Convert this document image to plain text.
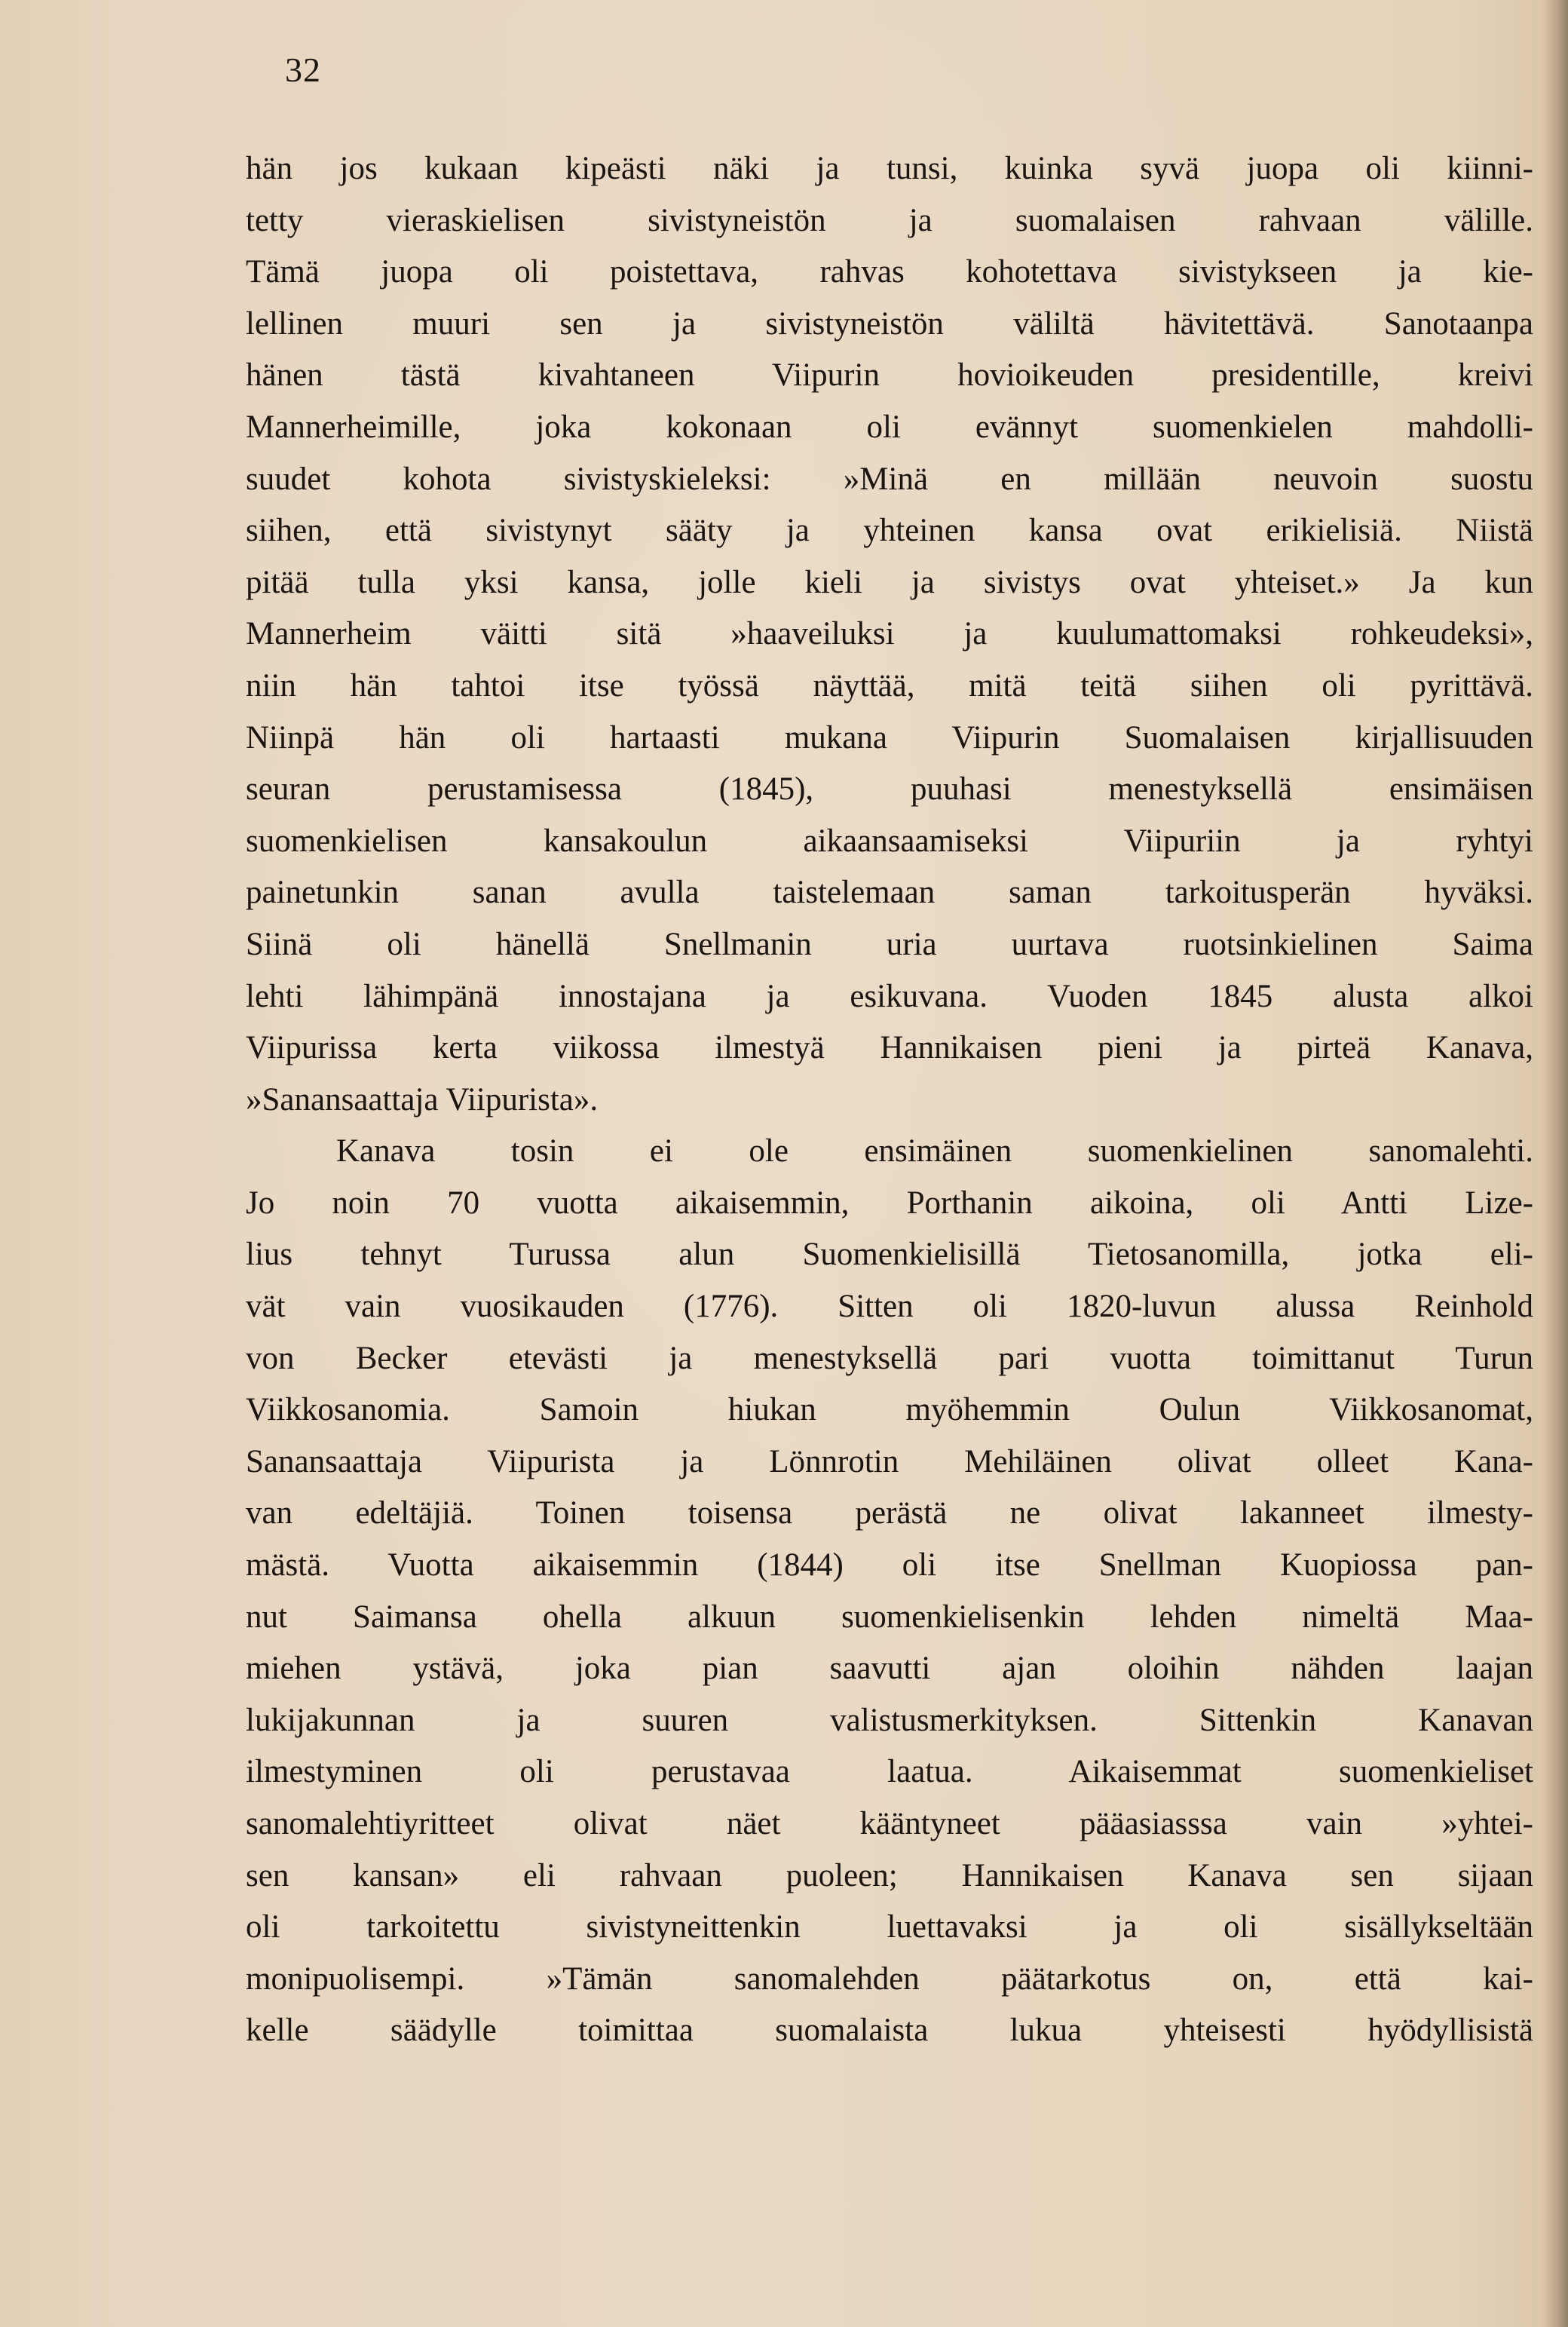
32
hän jos kukaan kipeästi näki ja tunsi, kuinka syvä juopa oli kiinni-
tetty vieraskielisen sivistyneistön ja suomalaisen rahvaan välille.
Tämä juopa oli poistettava, rahvas kohotettava sivistykseen ja kie-
lellinen muuri sen ja sivistyneistön väliltä hävitettävä. Sanotaanpa
hänen tästä kivahtaneen Viipurin hovioikeuden presidentille, kreivi
Mannerheimille, joka kokonaan oli evännyt suomenkielen mahdolli-
suudet kohota sivistyskieleksi: »Minä en millään neuvoin suostu
siihen, että sivistynyt sääty ja yhteinen kansa ovat erikielisiä. Niistä
pitää tulla yksi kansa, jolle kieli ja sivistys ovat yhteiset.» Ja kun
Mannerheim väitti sitä »haaveiluksi ja kuulumattomaksi rohkeudeksi»,
niin hän tahtoi itse työssä näyttää, mitä teitä siihen oli pyrittävä.
Niinpä hän oli hartaasti mukana Viipurin Suomalaisen kirjallisuuden
seuran perustamisessa (1845), puuhasi menestyksellä ensimäisen
suomenkielisen kansakoulun aikaansaamiseksi Viipuriin ja ryhtyi
painetunkin sanan avulla taistelemaan saman tarkoitusperän hyväksi.
Siinä oli hänellä Snellmanin uria uurtava ruotsinkielinen Saima
lehti lähimpänä innostajana ja esikuvana. Vuoden 1845 alusta alkoi
Viipurissa kerta viikossa ilmestyä Hannikaisen pieni ja pirteä Kanava,
»Sanansaattaja Viipurista».
Kanava tosin ei ole ensimäinen suomenkielinen sanomalehti.
Jo noin 70 vuotta aikaisemmin, Porthanin aikoina, oli Antti Lize-
lius tehnyt Turussa alun Suomenkielisillä Tietosanomilla, jotka eli-
vät vain vuosikauden (1776). Sitten oli 1820-luvun alussa Reinhold
von Becker etevästi ja menestyksellä pari vuotta toimittanut Turun
Viikkosanomia. Samoin hiukan myöhemmin Oulun Viikkosanomat,
Sanansaattaja Viipurista ja Lönnrotin Mehiläinen olivat olleet Kana-
van edeltäjiä. Toinen toisensa perästä ne olivat lakanneet ilmesty-
mästä. Vuotta aikaisemmin (1844) oli itse Snellman Kuopiossa pan-
nut Saimansa ohella alkuun suomenkielisenkin lehden nimeltä Maa-
miehen ystävä, joka pian saavutti ajan oloihin nähden laajan
lukijakunnan ja suuren valistusmerkityksen. Sittenkin Kanavan
ilmestyminen oli perustavaa laatua. Aikaisemmat suomenkieliset
sanomalehtiyritteet olivat näet kääntyneet pääasiasssa vain »yhtei-
sen kansan» eli rahvaan puoleen; Hannikaisen Kanava sen sijaan
oli tarkoitettu sivistyneittenkin luettavaksi ja oli sisällykseltään
monipuolisempi. »Tämän sanomalehden päätarkotus on, että kai-
kelle säädylle toimittaa suomalaista lukua yhteisesti hyödyllisistä
